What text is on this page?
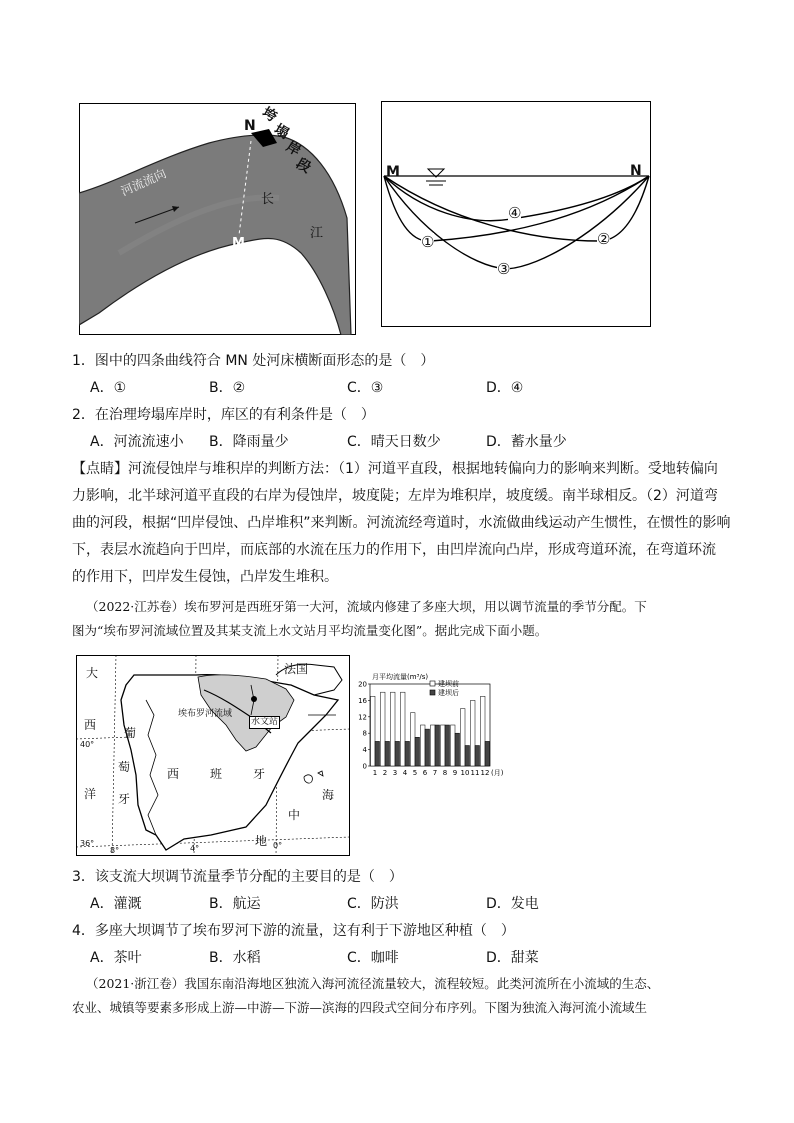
N
M
垮
塌
岸
段
河流流向
长
江
M	N
①	②
③
④
1．图中的四条曲线符合 MN 处河床横断面形态的是（　）
A．①	B．②	C．③	D．④
2．在治理垮塌库岸时，库区的有利条件是（　）
A．河流流速小 B．降雨量少	C．晴天日数少	D．蓄水量少
【点睛】河流侵蚀岸与堆积岸的判断方法：（1）河道平直段，根据地转偏向力的影响来判断。受地转偏向
力影响，北半球河道平直段的右岸为侵蚀岸，坡度陡；左岸为堆积岸，坡度缓。南半球相反。（2）河道弯
曲的河段，根据“凹岸侵蚀、凸岸堆积”来判断。河流流经弯道时，水流做曲线运动产生惯性，在惯性的影响
下，表层水流趋向于凹岸，而底部的水流在压力的作用下，由凹岸流向凸岸，形成弯道环流，在弯道环流
的作用下，凹岸发生侵蚀，凸岸发生堆积。
（2022·江苏卷）埃布罗河是西班牙第一大河，流域内修建了多座大坝，用以调节流量的季节分配。下
图为“埃布罗河流域位置及其某支流上水文站月平均流量变化图”。据此完成下面小题。
大
西
洋
葡
萄
牙
法国
西	班	牙
海
中
地
埃布罗河流域
水文站
40°
36°
8°	4°	0°
月平均流量(m³/s)
0
4
8
12
16
20
1 2 3 4 5 6 7 8 9 10 11 12 (月)
建坝前
建坝后
3．该支流大坝调节流量季节分配的主要目的是（　）
A．灌溉	B．航运	C．防洪	D．发电
4．多座大坝调节了埃布罗河下游的流量，这有利于下游地区种植（　）
A．茶叶	B．水稻	C．咖啡	D．甜菜
（2021·浙江卷）我国东南沿海地区独流入海河流径流量较大，流程较短。此类河流所在小流域的生态、
农业、城镇等要素多形成上游—中游—下游—滨海的四段式空间分布序列。下图为独流入海河流小流域生
